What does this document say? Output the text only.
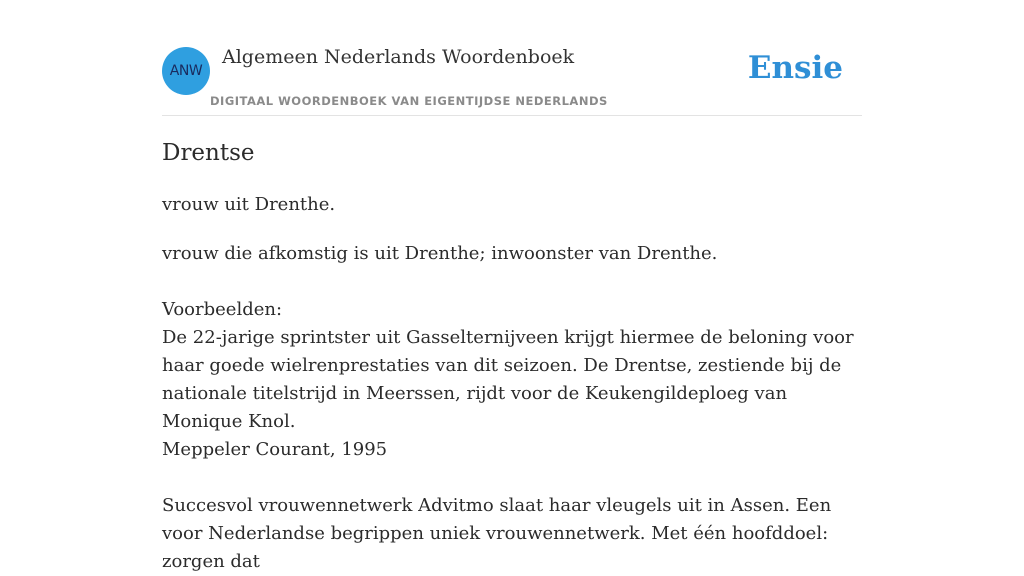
ANW
Algemeen Nederlands Woordenboek
DIGITAAL WOORDENBOEK VAN EIGENTIJDSE NEDERLANDS
Ensie
Drentse
vrouw uit Drenthe.

vrouw die afkomstig is uit Drenthe; inwoonster van Drenthe.

Voorbeelden:

De 22-jarige sprintster uit Gasselternijveen krijgt hiermee de beloning voor haar goede wielrenprestaties van dit seizoen. De Drentse, zestiende bij de nationale titelstrijd in Meerssen, rijdt voor de Keukengildeploeg van Monique Knol.

Meppeler Courant, 1995

Succesvol vrouwennetwerk Advitmo slaat haar vleugels uit in Assen. Een voor Nederlandse begrippen uniek vrouwennetwerk. Met één hoofddoel: zorgen dat
